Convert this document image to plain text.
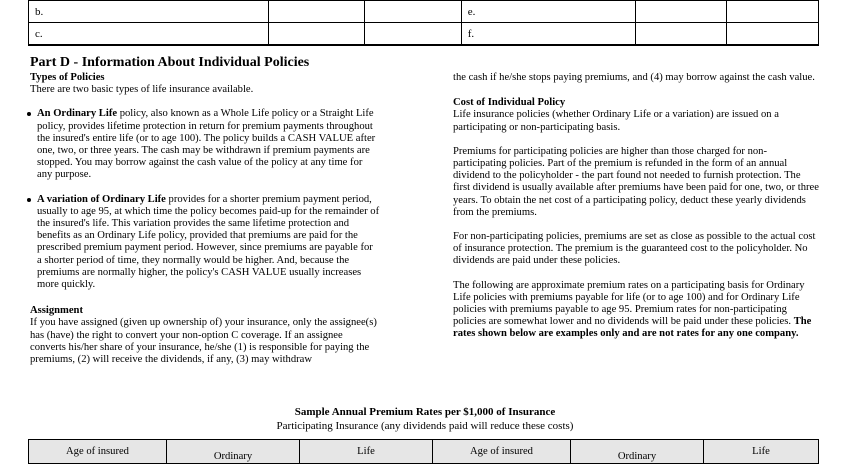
b.			e.		
c.			f.		
Part D - Information About Individual Policies

Types of Policies

There are two basic types of life insurance available.

An Ordinary Life policy, also known as a Whole Life policy or a Straight Life policy, provides lifetime protection in return for premium payments throughout the insured's entire life (or to age 100). The policy builds a CASH VALUE after one, two, or three years. The cash may be withdrawn if premium payments are stopped. You may borrow against the cash value of the policy at any time for any purpose.

A variation of Ordinary Life provides for a shorter premium payment period, usually to age 95, at which time the policy becomes paid-up for the remainder of the insured's life. This variation provides the same lifetime protection and benefits as an Ordinary Life policy, provided that premiums are paid for the prescribed premium payment period. However, since premiums are payable for a shorter period of time, they normally would be higher. And, because the premiums are normally higher, the policy's CASH VALUE usually increases more quickly.

Assignment

If you have assigned (given up ownership of) your insurance, only the assignee(s) has (have) the right to convert your non-option C coverage. If an assignee converts his/her share of your insurance, he/she (1) is responsible for paying the premiums, (2) will receive the dividends, if any, (3) may withdraw

the cash if he/she stops paying premiums, and (4) may borrow against the cash value.

Cost of Individual Policy

Life insurance policies (whether Ordinary Life or a variation) are issued on a participating or non-participating basis.

Premiums for participating policies are higher than those charged for non-participating policies. Part of the premium is refunded in the form of an annual dividend to the policyholder - the part found not needed to furnish protection. The first dividend is usually available after premiums have been paid for one, two, or three years. To obtain the net cost of a participating policy, deduct these yearly dividends from the premiums.

For non-participating policies, premiums are set as close as possible to the actual cost of insurance protection. The premium is the guaranteed cost to the policyholder. No dividends are paid under these policies.

The following are approximate premium rates on a participating basis for Ordinary Life policies with premiums payable for life (or to age 100) and for Ordinary Life policies with premiums payable to age 95. Premium rates for non-participating policies are somewhat lower and no dividends will be paid under these policies. The rates shown below are examples only and are not rates for any one company.

Sample Annual Premium Rates per $1,000 of Insurance
Participating Insurance (any dividends paid will reduce these costs)
Age of insured	Ordinary	Life	Age of insured	Ordinary	Life
